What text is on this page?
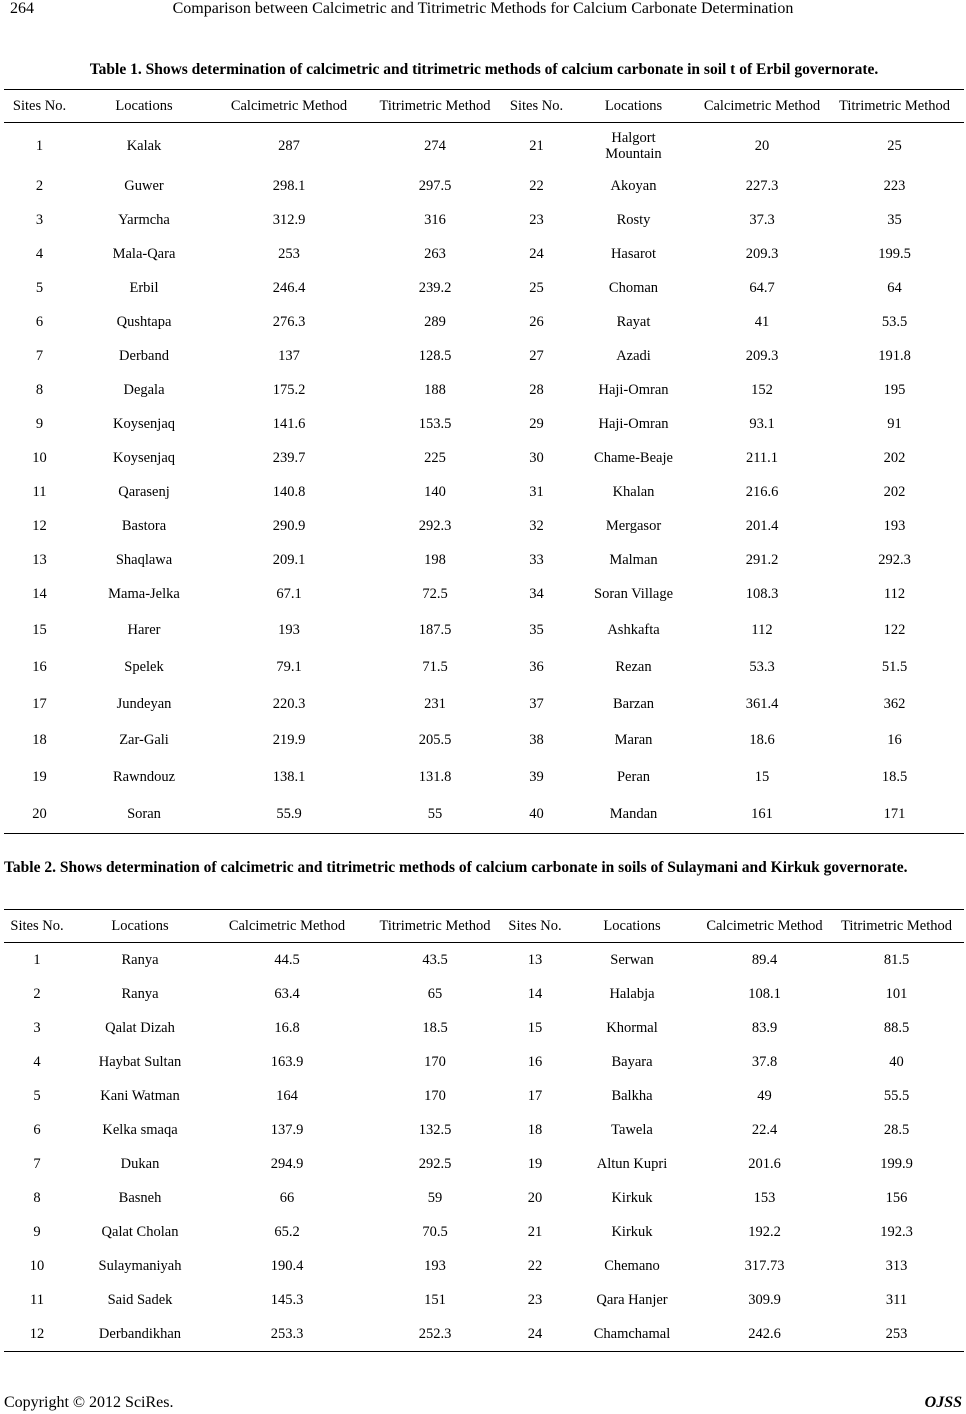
264	Comparison between Calcimetric and Titrimetric Methods for Calcium Carbonate Determination
Table 1. Shows determination of calcimetric and titrimetric methods of calcium carbonate in soil t of Erbil governorate.
Sites No.	Locations	Calcimetric Method	Titrimetric Method	Sites No.	Locations	Calcimetric Method	Titrimetric Method
1	Kalak	287	274	21	Halgort
Mountain	20	25
2	Guwer	298.1	297.5	22	Akoyan	227.3	223
3	Yarmcha	312.9	316	23	Rosty	37.3	35
4	Mala-Qara	253	263	24	Hasarot	209.3	199.5
5	Erbil	246.4	239.2	25	Choman	64.7	64
6	Qushtapa	276.3	289	26	Rayat	41	53.5
7	Derband	137	128.5	27	Azadi	209.3	191.8
8	Degala	175.2	188	28	Haji-Omran	152	195
9	Koysenjaq	141.6	153.5	29	Haji-Omran	93.1	91
10	Koysenjaq	239.7	225	30	Chame-Beaje	211.1	202
11	Qarasenj	140.8	140	31	Khalan	216.6	202
12	Bastora	290.9	292.3	32	Mergasor	201.4	193
13	Shaqlawa	209.1	198	33	Malman	291.2	292.3
14	Mama-Jelka	67.1	72.5	34	Soran Village	108.3	112
15	Harer	193	187.5	35	Ashkafta	112	122
16	Spelek	79.1	71.5	36	Rezan	53.3	51.5
17	Jundeyan	220.3	231	37	Barzan	361.4	362
18	Zar-Gali	219.9	205.5	38	Maran	18.6	16
19	Rawndouz	138.1	131.8	39	Peran	15	18.5
20	Soran	55.9	55	40	Mandan	161	171
Table 2. Shows determination of calcimetric and titrimetric methods of calcium carbonate in soils of Sulaymani and Kirkuk governorate.
Sites No.	Locations	Calcimetric Method	Titrimetric Method	Sites No.	Locations	Calcimetric Method	Titrimetric Method
1	Ranya	44.5	43.5	13	Serwan	89.4	81.5
2	Ranya	63.4	65	14	Halabja	108.1	101
3	Qalat Dizah	16.8	18.5	15	Khormal	83.9	88.5
4	Haybat Sultan	163.9	170	16	Bayara	37.8	40
5	Kani Watman	164	170	17	Balkha	49	55.5
6	Kelka smaqa	137.9	132.5	18	Tawela	22.4	28.5
7	Dukan	294.9	292.5	19	Altun Kupri	201.6	199.9
8	Basneh	66	59	20	Kirkuk	153	156
9	Qalat Cholan	65.2	70.5	21	Kirkuk	192.2	192.3
10	Sulaymaniyah	190.4	193	22	Chemano	317.73	313
11	Said Sadek	145.3	151	23	Qara Hanjer	309.9	311
12	Derbandikhan	253.3	252.3	24	Chamchamal	242.6	253
Copyright © 2012 SciRes.	OJSS
